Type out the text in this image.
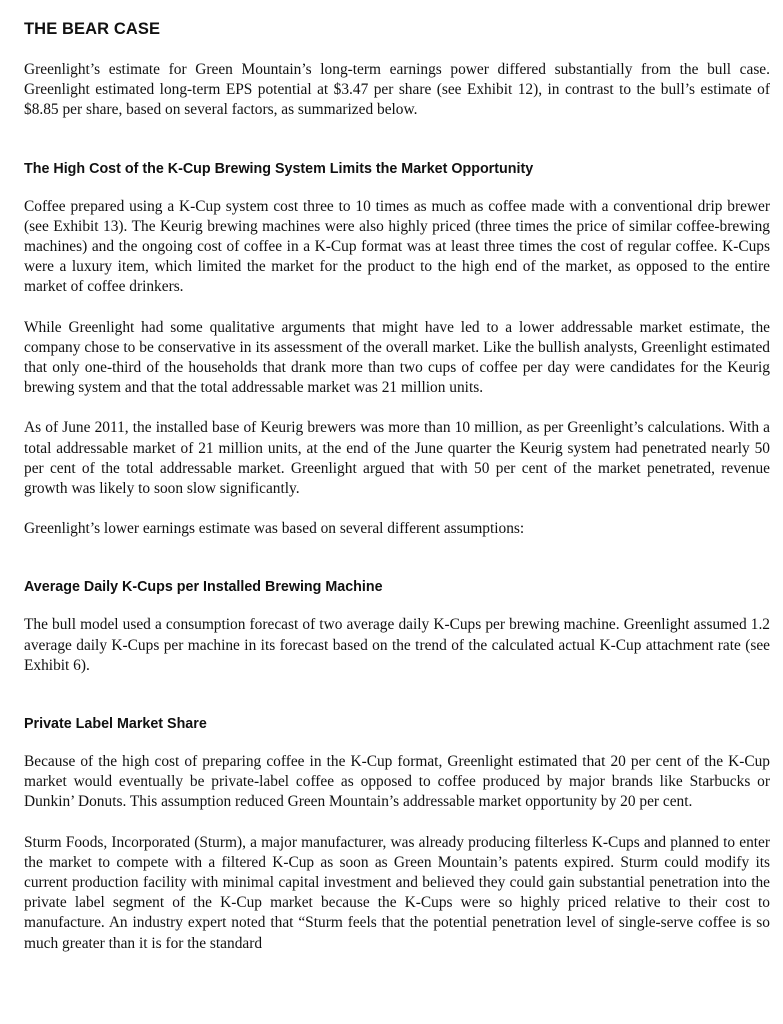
THE BEAR CASE

Greenlight’s estimate for Green Mountain’s long-term earnings power differed substantially from the bull case. Greenlight estimated long-term EPS potential at $3.47 per share (see Exhibit 12), in contrast to the bull’s estimate of $8.85 per share, based on several factors, as summarized below.

The High Cost of the K-Cup Brewing System Limits the Market Opportunity

Coffee prepared using a K-Cup system cost three to 10 times as much as coffee made with a conventional drip brewer (see Exhibit 13). The Keurig brewing machines were also highly priced (three times the price of similar coffee-brewing machines) and the ongoing cost of coffee in a K-Cup format was at least three times the cost of regular coffee. K-Cups were a luxury item, which limited the market for the product to the high end of the market, as opposed to the entire market of coffee drinkers.

While Greenlight had some qualitative arguments that might have led to a lower addressable market estimate, the company chose to be conservative in its assessment of the overall market. Like the bullish analysts, Greenlight estimated that only one-third of the households that drank more than two cups of coffee per day were candidates for the Keurig brewing system and that the total addressable market was 21 million units.

As of June 2011, the installed base of Keurig brewers was more than 10 million, as per Greenlight’s calculations. With a total addressable market of 21 million units, at the end of the June quarter the Keurig system had penetrated nearly 50 per cent of the total addressable market. Greenlight argued that with 50 per cent of the market penetrated, revenue growth was likely to soon slow significantly.

Greenlight’s lower earnings estimate was based on several different assumptions:

Average Daily K-Cups per Installed Brewing Machine

The bull model used a consumption forecast of two average daily K-Cups per brewing machine. Greenlight assumed 1.2 average daily K-Cups per machine in its forecast based on the trend of the calculated actual K-Cup attachment rate (see Exhibit 6).

Private Label Market Share

Because of the high cost of preparing coffee in the K-Cup format, Greenlight estimated that 20 per cent of the K-Cup market would eventually be private-label coffee as opposed to coffee produced by major brands like Starbucks or Dunkin’ Donuts. This assumption reduced Green Mountain’s addressable market opportunity by 20 per cent.

Sturm Foods, Incorporated (Sturm), a major manufacturer, was already producing filterless K-Cups and planned to enter the market to compete with a filtered K-Cup as soon as Green Mountain’s patents expired. Sturm could modify its current production facility with minimal capital investment and believed they could gain substantial penetration into the private label segment of the K-Cup market because the K-Cups were so highly priced relative to their cost to manufacture. An industry expert noted that “Sturm feels that the potential penetration level of single-serve coffee is so much greater than it is for the standard
